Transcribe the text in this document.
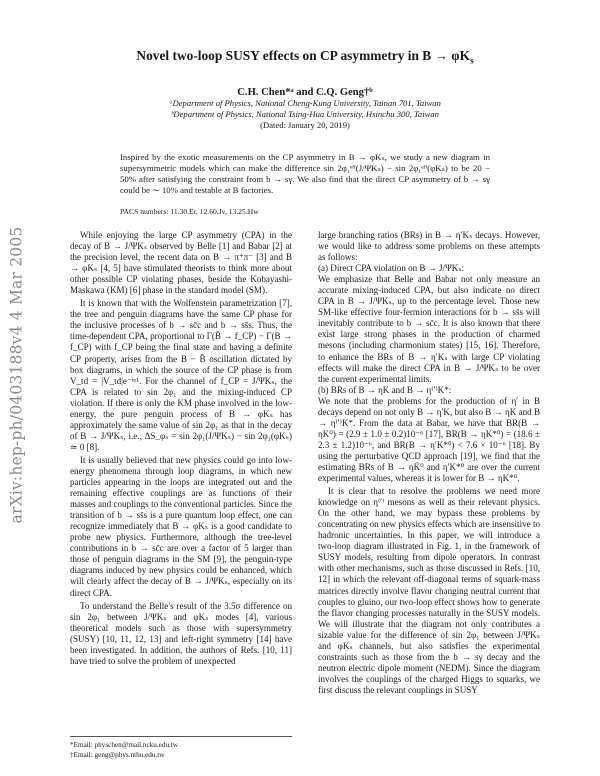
arXiv:hep-ph/0403188v4 4 Mar 2005
Novel two-loop SUSY effects on CP asymmetry in $B \to \varphi K_s$
C.H. Chen*ᵃ and C.Q. Geng†ᵇ
ᵃDepartment of Physics, National Cheng-Kung University, Tainan 701, Taiwan
ᵇDepartment of Physics, National Tsing-Hua University, Hsinchu 300, Taiwan
(Dated: January 20, 2019)

Inspired by the exotic measurements on the CP asymmetry in B → φKₛ, we study a new diagram in supersymmetric models which can make the difference sin 2φ₁ᵉᶠᶠ(J/ΨKₛ) − sin 2φ₁ᵉᶠᶠ(φKₛ) to be 20 − 50% after satisfying the constraint from b → sγ. We also find that the direct CP asymmetry of b → sγ could be ∼ 10% and testable at B factories.

PACS numbers: 11.30.Er, 12.60.Jv, 13.25.Hw

While enjoying the large CP asymmetry (CPA) in the decay of B → J/ΨKₛ observed by Belle [1] and Babar [2] at the precision level, the recent data on B → π⁺π⁻ [3] and B → φKₛ [4, 5] have stimulated theorists to think more about other possible CP violating phases, beside the Kobayashi-Maskawa (KM) [6] phase in the standard model (SM).

It is known that with the Wolfenstein parametrization [7], the tree and penguin diagrams have the same CP phase for the inclusive processes of b → sc̄c and b → ss̄s. Thus, the time-dependent CPA, proportional to Γ(B̄ → f_CP) − Γ(B → f_CP) with f_CP being the final state and having a definite CP property, arises from the B − B̄ oscillation dictated by box diagrams, in which the source of the CP phase is from V_td = |V_td|e⁻ⁱᵠ¹. For the channel of f_CP = J/ΨKₛ, the CPA is related to sin 2φ₁ and the mixing-induced CP violation. If there is only the KM phase involved in the low-energy, the pure penguin process of B → φKₛ has approximately the same value of sin 2φ₁ as that in the decay of B → J/ΨKₛ, i.e., ΔS_φₛ = sin 2φ₁(J/ΨKₛ) − sin 2φ₁(φKₛ) ≃ 0 [8].

It is usually believed that new physics could go into low-energy phenomena through loop diagrams, in which new particles appearing in the loops are integrated out and the remaining effective couplings are as functions of their masses and couplings to the conventional particles. Since the transition of b → ss̄s is a pure quantum loop effect, one can recognize immediately that B → φKₛ is a good candidate to probe new physics. Furthermore, although the tree-level contributions in b → sc̄c are over a factor of 5 larger than those of penguin diagrams in the SM [9], the penguin-type diagrams induced by new physics could be enhanced, which will clearly affect the decay of B → J/ΨKₛ, especially on its direct CPA.

To understand the Belle's result of the 3.5σ difference on sin 2φ₁ between J/ΨKₛ and φKₛ modes [4], various theoretical models such as those with supersymmetry (SUSY) [10, 11, 12, 13] and left-right symmetry [14] have been investigated. In addition, the authors of Refs. [10, 11] have tried to solve the problem of unexpected

large branching ratios (BRs) in B → η′Kₛ decays. However, we would like to address some problems on these attempts as follows:

(a) Direct CPA violation on B → J/ΨKₛ:

We emphasize that Belle and Babar not only measure an accurate mixing-induced CPA, but also indicate no direct CPA in B → J/ΨKₛ, up to the percentage level. Those new SM-like effective four-fermion interactions for b → ss̄s will inevitably contribute to b → sc̄c. It is also known that there exist large strong phases in the production of charmed mesons (including charmonium states) [15, 16]. Therefore, to enhance the BRs of B → η′Kₛ with large CP violating effects will make the direct CPA in B → J/ΨKₛ to be over the current experimental limits.

(b) BRs of B → ηK and B → η⁽′⁾K*:

We note that the problems for the production of η′ in B decays depend on not only B → η′K, but also B → ηK and B → η⁽′⁾K*. From the data at Babar, we have that BR(B → ηK⁰) = (2.9 ± 1.0 ± 0.2)10⁻⁶ [17], BR(B → ηK*⁰) = (18.6 ± 2.3 ± 1.2)10⁻⁶, and BR(B → η′K*⁰) < 7.6 × 10⁻⁶ [18]. By using the perturbative QCD approach [19], we find that the estimating BRs of B → ηK̄⁰ and η′K*⁰ are over the current experimental values, whereas it is lower for B → ηK*⁰.

It is clear that to resolve the problems we need more knowledge on η⁽′⁾ mesons as well as their relevant physics. On the other hand, we may bypass these problems by concentrating on new physics effects which are insensitive to hadronic uncertainties. In this paper, we will introduce a two-loop diagram illustrated in Fig. 1, in the framework of SUSY models, resulting from dipole operators. In contrast with other mechanisms, such as those discussed in Refs. [10, 12] in which the relevant off-diagonal terms of squark-mass matrices directly involve flavor changing neutral current that couples to gluino, our two-loop effect shows how to generate the flavor changing processes naturally in the SUSY models. We will illustrate that the diagram not only contributes a sizable value for the difference of sin 2φ₁ between J/ΨKₛ and φKₛ channels, but also satisfies the experimental constraints such as those from the b → sγ decay and the neutron electric dipole moment (NEDM). Since the diagram involves the couplings of the charged Higgs to squarks, we first discuss the relevant couplings in SUSY

*Email: physchen@mail.ncku.edu.tw
†Email: geng@phys.nthu.edu.tw
